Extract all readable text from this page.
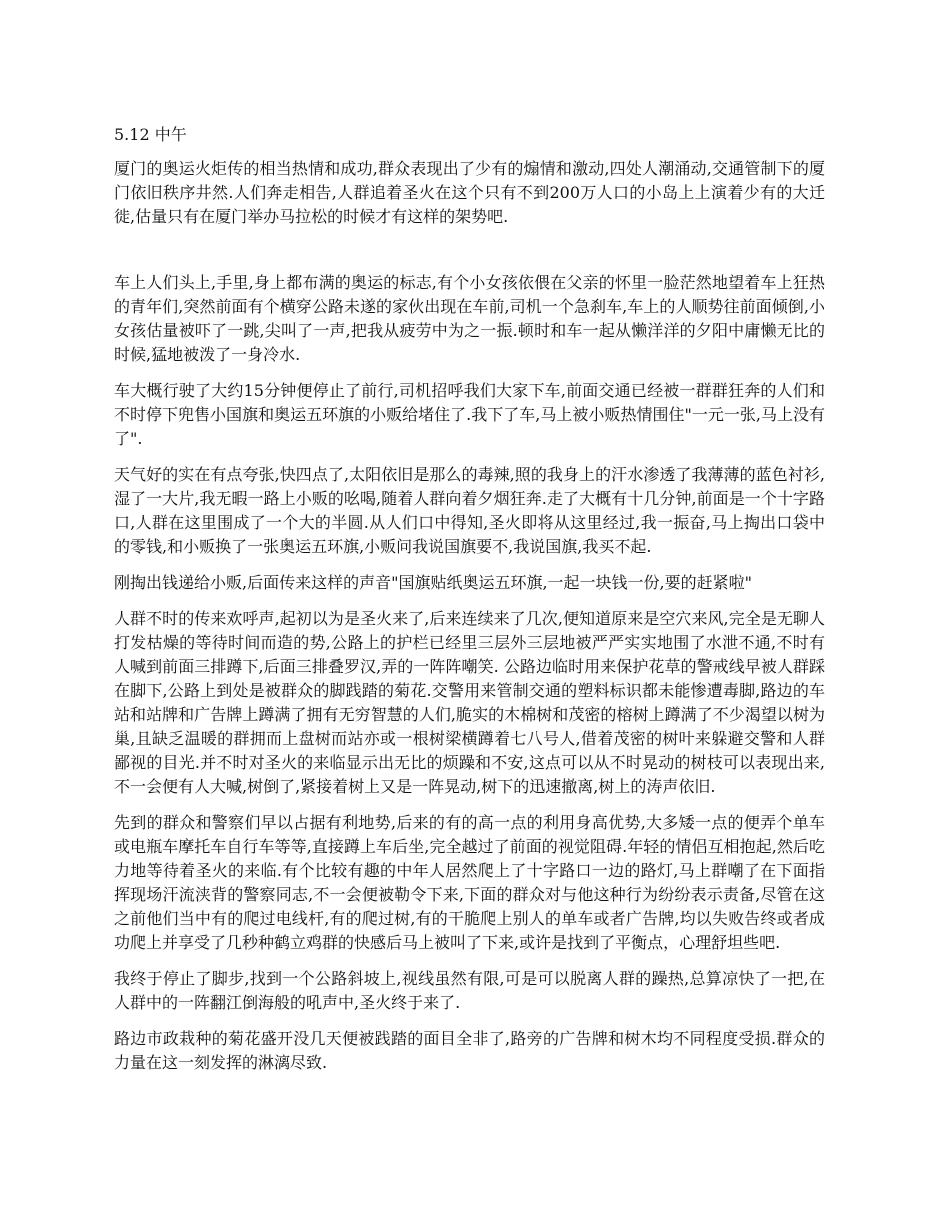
5.12 中午

厦门的奥运火炬传的相当热情和成功,群众表现出了少有的煽情和激动,四处人潮涌动,交通管制下的厦门依旧秩序井然.人们奔走相告,人群追着圣火在这个只有不到200万人口的小岛上上演着少有的大迁徙,估量只有在厦门举办马拉松的时候才有这样的架势吧.

车上人们头上,手里,身上都布满的奥运的标志,有个小女孩依偎在父亲的怀里一脸茫然地望着车上狂热的青年们,突然前面有个横穿公路未遂的家伙出现在车前,司机一个急刹车,车上的人顺势往前面倾倒,小女孩估量被吓了一跳,尖叫了一声,把我从疲劳中为之一振.顿时和车一起从懒洋洋的夕阳中庸懒无比的时候,猛地被泼了一身冷水.

车大概行驶了大约15分钟便停止了前行,司机招呼我们大家下车,前面交通已经被一群群狂奔的人们和不时停下兜售小国旗和奥运五环旗的小贩给堵住了.我下了车,马上被小贩热情围住"一元一张,马上没有了".

天气好的实在有点夸张,快四点了,太阳依旧是那么的毒辣,照的我身上的汗水渗透了我薄薄的蓝色衬衫,湿了一大片,我无暇一路上小贩的吆喝,随着人群向着夕烟狂奔.走了大概有十几分钟,前面是一个十字路口,人群在这里围成了一个大的半圆.从人们口中得知,圣火即将从这里经过,我一振奋,马上掏出口袋中的零钱,和小贩换了一张奥运五环旗,小贩问我说国旗要不,我说国旗,我买不起.

刚掏出钱递给小贩,后面传来这样的声音"国旗贴纸奥运五环旗,一起一块钱一份,要的赶紧啦"

人群不时的传来欢呼声,起初以为是圣火来了,后来连续来了几次,便知道原来是空穴来风,完全是无聊人打发枯燥的等待时间而造的势,公路上的护栏已经里三层外三层地被严严实实地围了水泄不通,不时有人喊到前面三排蹲下,后面三排叠罗汉,弄的一阵阵嘲笑. 公路边临时用来保护花草的警戒线早被人群踩在脚下,公路上到处是被群众的脚践踏的菊花.交警用来管制交通的塑料标识都未能惨遭毒脚,路边的车站和站牌和广告牌上蹲满了拥有无穷智慧的人们,脆实的木棉树和茂密的榕树上蹲满了不少渴望以树为巢,且缺乏温暖的群拥而上盘树而站亦或一根树梁横蹲着七八号人,借着茂密的树叶来躲避交警和人群鄙视的目光.并不时对圣火的来临显示出无比的烦躁和不安,这点可以从不时晃动的树枝可以表现出来,不一会便有人大喊,树倒了,紧接着树上又是一阵晃动,树下的迅速撤离,树上的涛声依旧.

先到的群众和警察们早以占据有利地势,后来的有的高一点的利用身高优势,大多矮一点的便弄个单车或电瓶车摩托车自行车等等,直接蹲上车后坐,完全越过了前面的视觉阻碍.年轻的情侣互相抱起,然后吃力地等待着圣火的来临.有个比较有趣的中年人居然爬上了十字路口一边的路灯,马上群嘲了在下面指挥现场汗流浃背的警察同志,不一会便被勒令下来,下面的群众对与他这种行为纷纷表示责备,尽管在这之前他们当中有的爬过电线杆,有的爬过树,有的干脆爬上别人的单车或者广告牌,均以失败告终或者成功爬上并享受了几秒种鹤立鸡群的快感后马上被叫了下来,或许是找到了平衡点，心理舒坦些吧.

我终于停止了脚步,找到一个公路斜坡上,视线虽然有限,可是可以脱离人群的躁热,总算凉快了一把,在人群中的一阵翻江倒海般的吼声中,圣火终于来了.

路边市政栽种的菊花盛开没几天便被践踏的面目全非了,路旁的广告牌和树木均不同程度受损.群众的力量在这一刻发挥的淋漓尽致.
